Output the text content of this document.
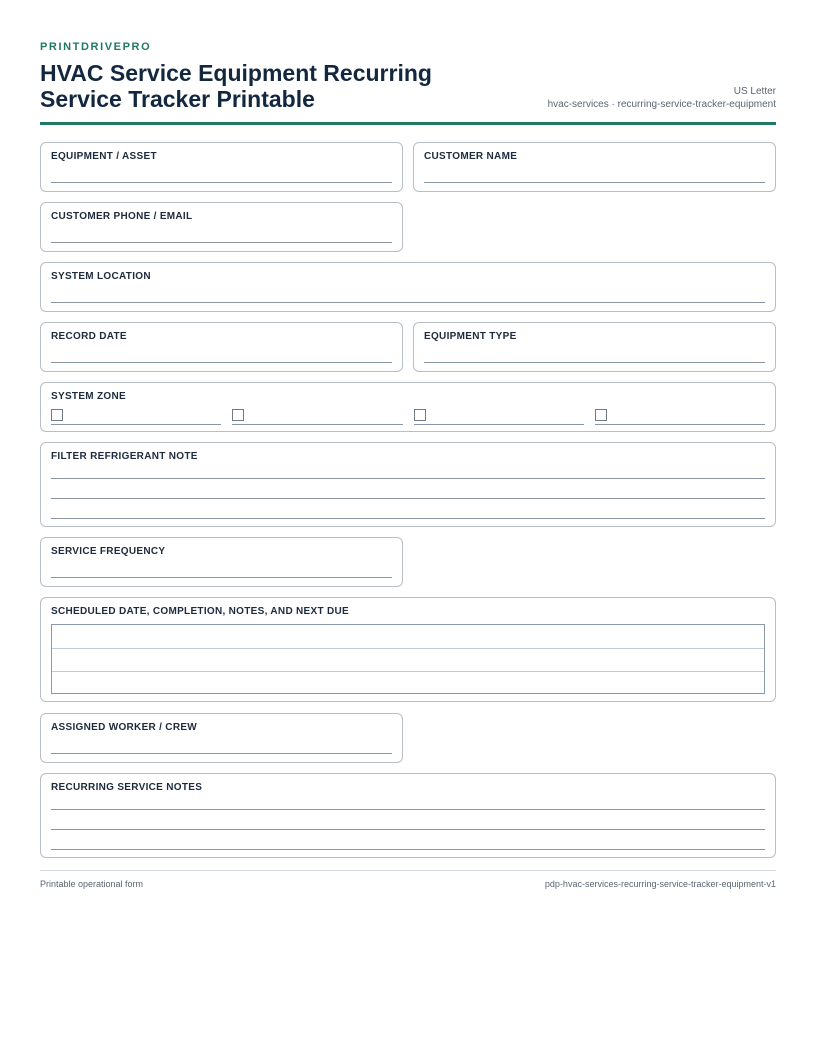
PRINTDRIVEPRO
HVAC Service Equipment Recurring Service Tracker Printable	US Letter
hvac-services · recurring-service-tracker-equipment
EQUIPMENT / ASSET	CUSTOMER NAME
CUSTOMER PHONE / EMAIL
SYSTEM LOCATION
RECORD DATE	EQUIPMENT TYPE
SYSTEM ZONE
FILTER REFRIGERANT NOTE
SERVICE FREQUENCY
SCHEDULED DATE, COMPLETION, NOTES, AND NEXT DUE
ASSIGNED WORKER / CREW
RECURRING SERVICE NOTES
Printable operational form	pdp-hvac-services-recurring-service-tracker-equipment-v1
